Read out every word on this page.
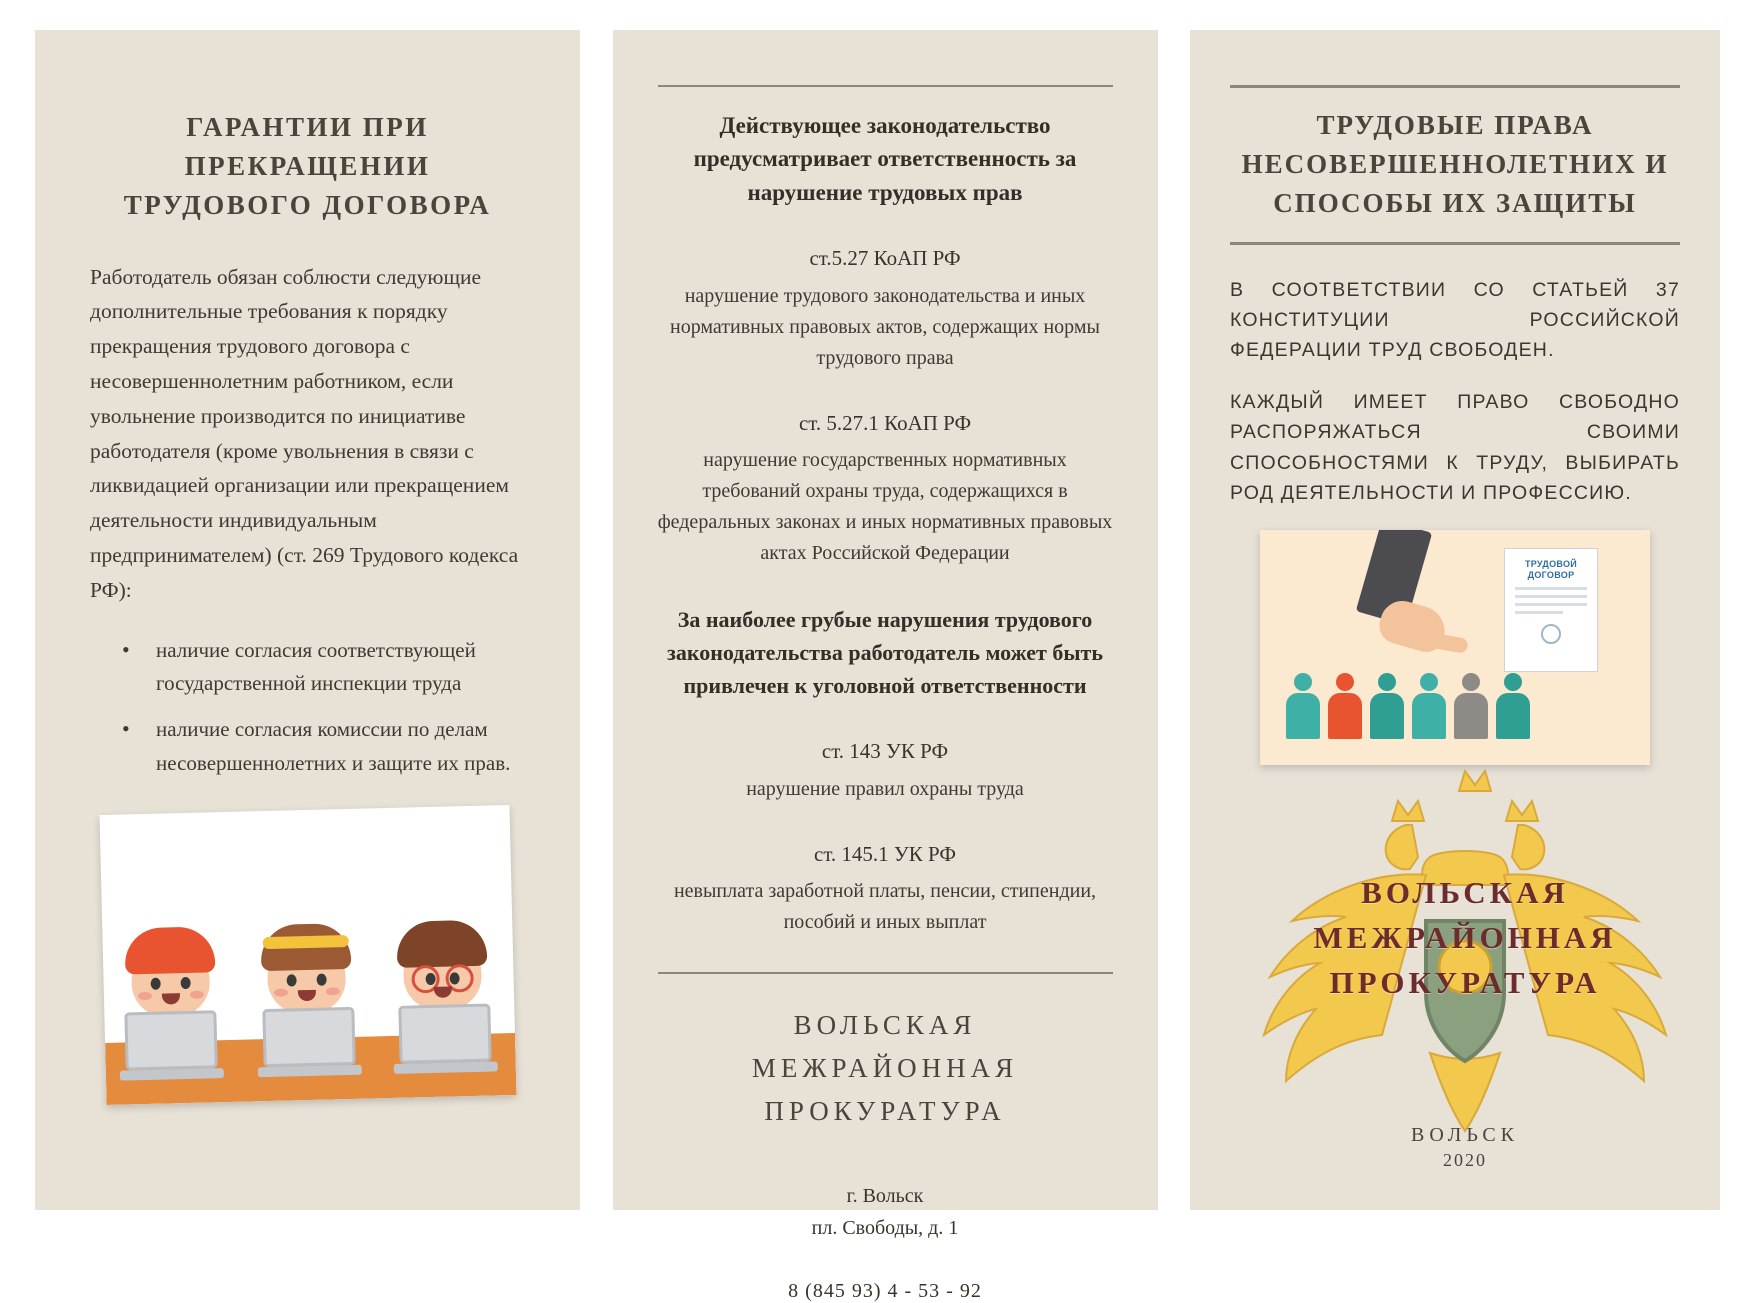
ГАРАНТИИ ПРИ ПРЕКРАЩЕНИИ ТРУДОВОГО ДОГОВОРА

Работодатель обязан соблюсти следующие дополнительные требования к порядку прекращения трудового договора с несовершеннолетним работником, если увольнение производится по инициативе работодателя (кроме увольнения в связи с ликвидацией организации или прекращением деятельности индивидуальным предпринимателем) (ст. 269 Трудового кодекса РФ):

• наличие согласия соответствующей государственной инспекции труда
• наличие согласия комиссии по делам несовершеннолетних и защите их прав.
Действующее законодательство предусматривает ответственность за нарушение трудовых прав
ст.5.27 КоАП РФ

нарушение трудового законодательства и иных нормативных правовых актов, содержащих нормы трудового права

ст. 5.27.1 КоАП РФ

нарушение государственных нормативных требований охраны труда, содержащихся в федеральных законах и иных нормативных правовых актах Российской Федерации

За наиболее грубые нарушения трудового законодательства работодатель может быть привлечен к уголовной ответственности
ст. 143 УК РФ

нарушение правил охраны труда

ст. 145.1 УК РФ

невыплата заработной платы, пенсии, стипендии, пособий и иных выплат

ВОЛЬСКАЯ МЕЖРАЙОННАЯ ПРОКУРАТУРА
г. Вольск
пл. Свободы, д. 1
8 (845 93) 4 - 53 - 92
ТРУДОВЫЕ ПРАВА НЕСОВЕРШЕННОЛЕТНИХ И СПОСОБЫ ИХ ЗАЩИТЫ

В СООТВЕТСТВИИ СО СТАТЬЕЙ 37 КОНСТИТУЦИИ РОССИЙСКОЙ ФЕДЕРАЦИИ ТРУД СВОБОДЕН.

КАЖДЫЙ ИМЕЕТ ПРАВО СВОБОДНО РАСПОРЯЖАТЬСЯ СВОИМИ СПОСОБНОСТЯМИ К ТРУДУ, ВЫБИРАТЬ РОД ДЕЯТЕЛЬНОСТИ И ПРОФЕССИЮ.

ТРУДОВОЙ ДОГОВОР
ВОЛЬСКАЯ МЕЖРАЙОННАЯ ПРОКУРАТУРА
ВОЛЬСК
2020
